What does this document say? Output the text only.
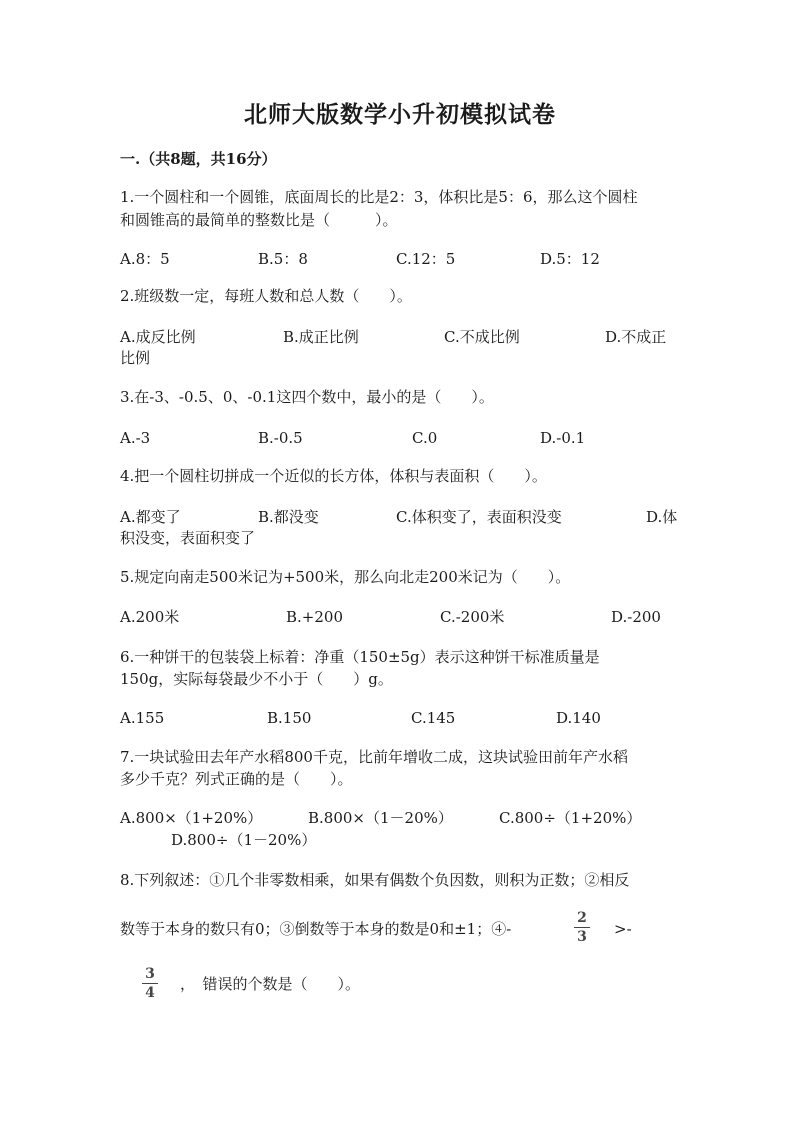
北师大版数学小升初模拟试卷
一.（共8题，共16分）
1.一个圆柱和一个圆锥，底面周长的比是2：3，体积比是5：6，那么这个圆柱
和圆锥高的最简单的整数比是（　　　）。
A.8：5	B.5：8	C.12：5	D.5：12
2.班级数一定，每班人数和总人数（　　）。
A.成反比例	B.成正比例	C.不成比例	D.不成正
比例
3.在-3、-0.5、0、-0.1这四个数中，最小的是（　　）。
A.-3	B.-0.5	C.0	D.-0.1
4.把一个圆柱切拼成一个近似的长方体，体积与表面积（　　）。
A.都变了	B.都没变	C.体积变了，表面积没变	D.体
积没变，表面积变了
5.规定向南走500米记为+500米，那么向北走200米记为（　　）。
A.200米	B.+200	C.-200米	D.-200
6.一种饼干的包装袋上标着：净重（150±5g）表示这种饼干标准质量是
150g，实际每袋最少不小于（　　）g。
A.155	B.150	C.145	D.140
7.一块试验田去年产水稻800千克，比前年增收二成，这块试验田前年产水稻
多少千克？列式正确的是（　　）。
A.800×（1+20%）	B.800×（1－20%）	C.800÷（1+20%）
D.800÷（1－20%）
8.下列叙述：①几个非零数相乘，如果有偶数个负因数，则积为正数；②相反
数等于本身的数只有0；③倒数等于本身的数是0和±1；④-
2
3	>-
3
4	，　错误的个数是（　　）。
